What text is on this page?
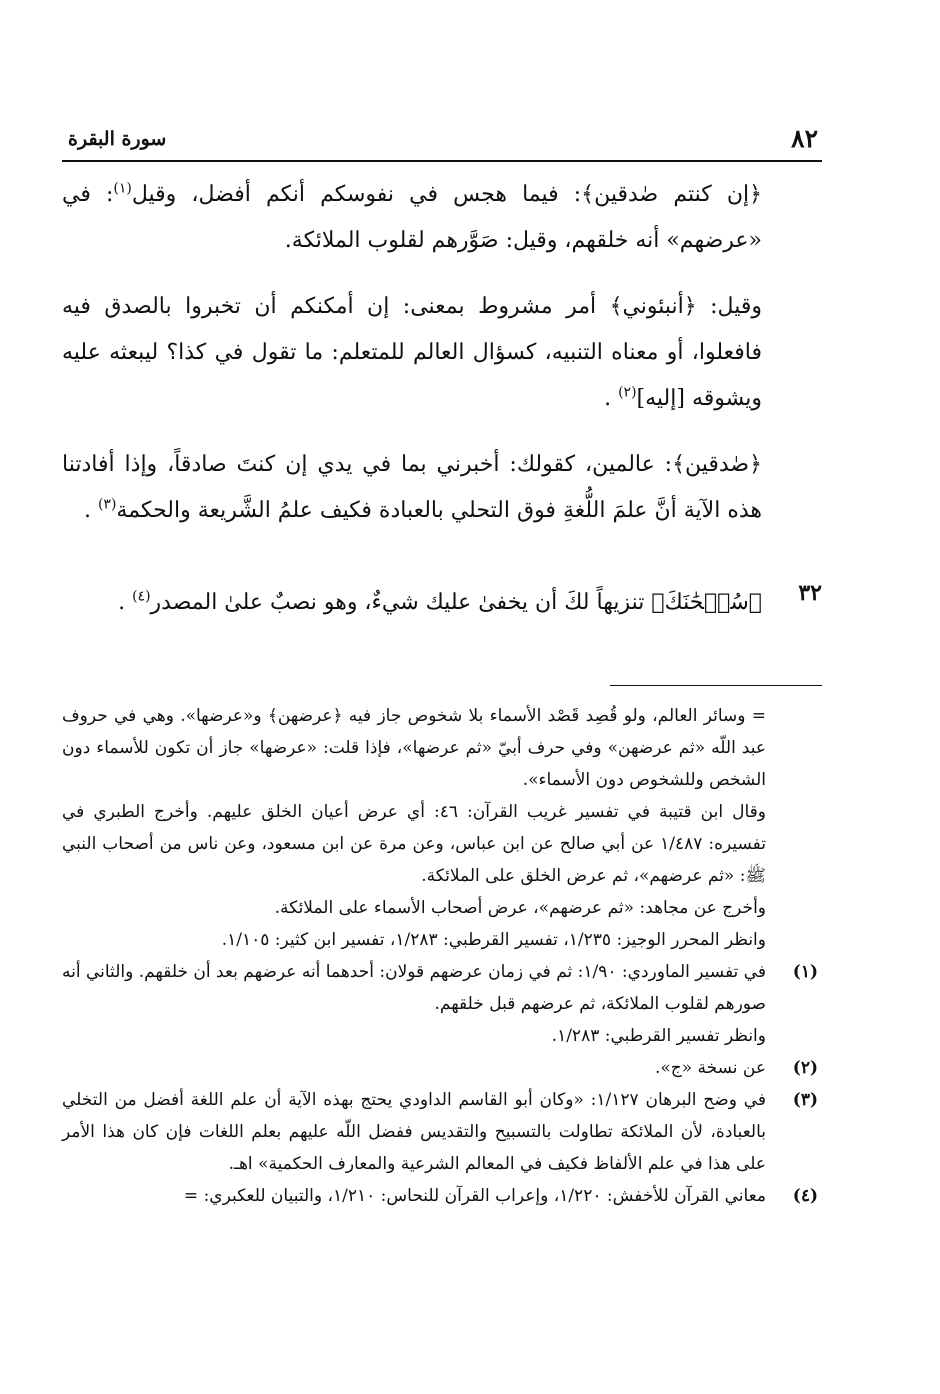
٨٢
سورة البقرة

﴿إن كنتم صٰدقين﴾: فيما هجس في نفوسكم أنكم أفضل، وقيل$^{(١)}$: في «عرضهم» أنه خلقهم، وقيل: صَوَّرهم لقلوب الملائكة.

وقيل: ﴿أنبئوني﴾ أمر مشروط بمعنى: إن أمكنكم أن تخبروا بالصدق فيه فافعلوا، أو معناه التنبيه، كسؤال العالم للمتعلم: ما تقول في كذا؟ ليبعثه عليه ويشوقه [إليه]$^{(٢)}$ .

﴿صٰدقين﴾: عالمين، كقولك: أخبرني بما في يدي إن كنتَ صادقاً، وإذا أفادتنا هذه الآية أنَّ علمَ اللُّغةِ فوق التحلي بالعبادة فكيف علمُ الشَّريعة والحكمة$^{(٣)}$ .

٣٢

﴿سُبۡحَٰنَكَ﴾ تنزيهاً لكَ أن يخفىٰ عليك شيءٌ، وهو نصبٌ علىٰ المصدر$^{(٤)}$ .

= وسائر العالم، ولو قُصِد قَصْد الأسماء بلا شخوص جاز فيه ﴿عرضهن﴾ و«عرضها». وهي في حروف عبد اللّه «ثم عرضهن» وفي حرف أبيّ «ثم عرضها»، فإذا قلت: «عرضها» جاز أن تكون للأسماء دون الشخص وللشخوص دون الأسماء».

وقال ابن قتيبة في تفسير غريب القرآن: ٤٦: أي عرض أعيان الخلق عليهم. وأخرج الطبري في تفسيره: ١/٤٨٧ عن أبي صالح عن ابن عباس، وعن مرة عن ابن مسعود، وعن ناس من أصحاب النبي ﷺ: «ثم عرضهم»، ثم عرض الخلق على الملائكة.

وأخرج عن مجاهد: «ثم عرضهم»، عرض أصحاب الأسماء على الملائكة.

وانظر المحرر الوجيز: ١/٢٣٥، تفسير القرطبي: ١/٢٨٣، تفسير ابن كثير: ١/١٠٥.

(١)
في تفسير الماوردي: ١/٩٠: ثم في زمان عرضهم قولان: أحدهما أنه عرضهم بعد أن خلقهم. والثاني أنه صورهم لقلوب الملائكة، ثم عرضهم قبل خلقهم.
وانظر تفسير القرطبي: ١/٢٨٣.
(٢)
عن نسخة «ج».
(٣)
في وضح البرهان ١/١٢٧: «وكان أبو القاسم الداودي يحتج بهذه الآية أن علم اللغة أفضل من التخلي بالعبادة، لأن الملائكة تطاولت بالتسبيح والتقديس ففضل اللّه عليهم بعلم اللغات فإن كان هذا الأمر على هذا في علم الألفاظ فكيف في المعالم الشرعية والمعارف الحكمية» اهـ.
(٤)
معاني القرآن للأخفش: ١/٢٢٠، وإعراب القرآن للنحاس: ١/٢١٠، والتبيان للعكبري: =
